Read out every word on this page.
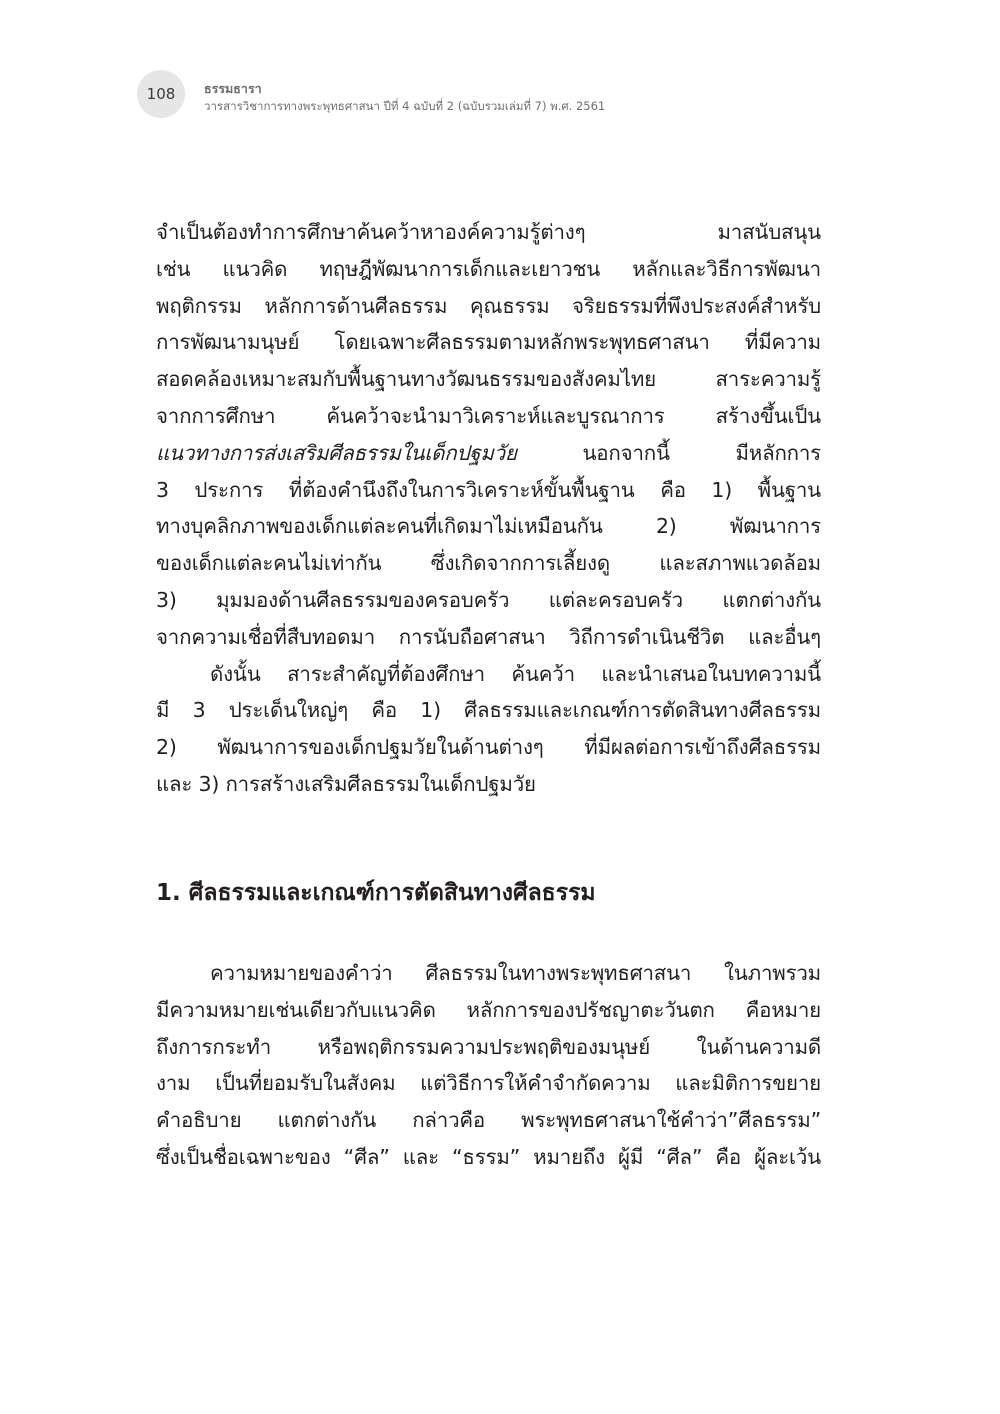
108 ธรรมธารา
วารสารวิชาการทางพระพุทธศาสนา ปีที่ 4 ฉบับที่ 2 (ฉบับรวมเล่มที่ 7) พ.ศ. 2561
จำเป็นต้องทำการศึกษาค้นคว้าหาองค์ความรู้ต่างๆ มาสนับสนุน
เช่น แนวคิด ทฤษฎีพัฒนาการเด็กและเยาวชน หลักและวิธีการพัฒนา
พฤติกรรม หลักการด้านศีลธรรม คุณธรรม จริยธรรมที่พึงประสงค์สำหรับ
การพัฒนามนุษย์ โดยเฉพาะศีลธรรมตามหลักพระพุทธศาสนา ที่มีความ
สอดคล้องเหมาะสมกับพื้นฐานทางวัฒนธรรมของสังคมไทย สาระความรู้
จากการศึกษา ค้นคว้าจะนำมาวิเคราะห์และบูรณาการ สร้างขึ้นเป็น
แนวทางการส่งเสริมศีลธรรมในเด็กปฐมวัย นอกจากนี้ มีหลักการ
3 ประการ ที่ต้องคำนึงถึงในการวิเคราะห์ขั้นพื้นฐาน คือ 1) พื้นฐาน
ทางบุคลิกภาพของเด็กแต่ละคนที่เกิดมาไม่เหมือนกัน 2) พัฒนาการ
ของเด็กแต่ละคนไม่เท่ากัน ซึ่งเกิดจากการเลี้ยงดู และสภาพแวดล้อม
3) มุมมองด้านศีลธรรมของครอบครัว แต่ละครอบครัว แตกต่างกัน
จากความเชื่อที่สืบทอดมา การนับถือศาสนา วิถีการดำเนินชีวิต และอื่นๆ
ดังนั้น สาระสำคัญที่ต้องศึกษา ค้นคว้า และนำเสนอในบทความนี้
มี 3 ประเด็นใหญ่ๆ คือ 1) ศีลธรรมและเกณฑ์การตัดสินทางศีลธรรม
2) พัฒนาการของเด็กปฐมวัยในด้านต่างๆ ที่มีผลต่อการเข้าถึงศีลธรรม
และ 3) การสร้างเสริมศีลธรรมในเด็กปฐมวัย
1. ศีลธรรมและเกณฑ์การตัดสินทางศีลธรรม
ความหมายของคำว่า ศีลธรรมในทางพระพุทธศาสนา ในภาพรวม
มีความหมายเช่นเดียวกับแนวคิด หลักการของปรัชญาตะวันตก คือหมาย
ถึงการกระทำ หรือพฤติกรรมความประพฤติของมนุษย์ ในด้านความดี
งาม เป็นที่ยอมรับในสังคม แต่วิธีการให้คำจำกัดความ และมิติการขยาย
คำอธิบาย แตกต่างกัน กล่าวคือ พระพุทธศาสนาใช้คำว่า”ศีลธรรม”
ซึ่งเป็นชื่อเฉพาะของ “ศีล” และ “ธรรม” หมายถึง ผู้มี “ศีล” คือ ผู้ละเว้น
